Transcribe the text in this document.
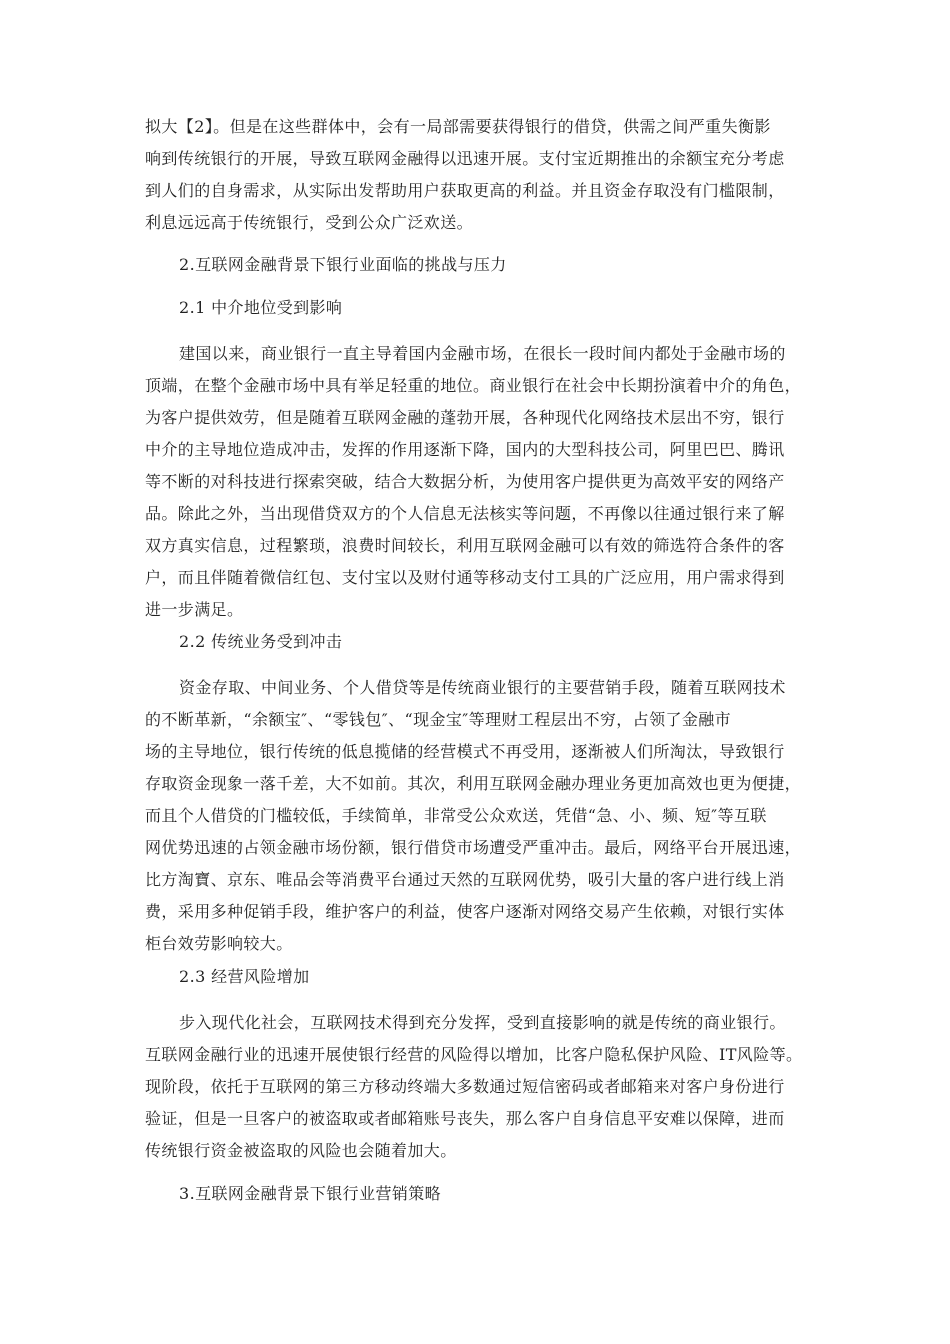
拟大【2】。但是在这些群体中，会有一局部需要获得银行的借贷，供需之间严重失衡影
响到传统银行的开展，导致互联网金融得以迅速开展。支付宝近期推出的余额宝充分考虑
到人们的自身需求，从实际出发帮助用户获取更高的利益。并且资金存取没有门槛限制，
利息远远高于传统银行，受到公众广泛欢送。
2.互联网金融背景下银行业面临的挑战与压力
2.1 中介地位受到影响
建国以来，商业银行一直主导着国内金融市场，在很长一段时间内都处于金融市场的
顶端，在整个金融市场中具有举足轻重的地位。商业银行在社会中长期扮演着中介的角色，
为客户提供效劳，但是随着互联网金融的蓬勃开展，各种现代化网络技术层出不穷，银行
中介的主导地位造成冲击，发挥的作用逐渐下降，国内的大型科技公司，阿里巴巴、腾讯
等不断的对科技进行探索突破，结合大数据分析，为使用客户提供更为高效平安的网络产
品。除此之外，当出现借贷双方的个人信息无法核实等问题，不再像以往通过银行来了解
双方真实信息，过程繁琐，浪费时间较长，利用互联网金融可以有效的筛选符合条件的客
户，而且伴随着微信红包、支付宝以及财付通等移动支付工具的广泛应用，用户需求得到
进一步满足。
2.2 传统业务受到冲击
资金存取、中间业务、个人借贷等是传统商业银行的主要营销手段，随着互联网技术
的不断革新，“余额宝″、“零钱包″、“现金宝″等理财工程层出不穷，占领了金融市
场的主导地位，银行传统的低息揽储的经营模式不再受用，逐渐被人们所淘汰，导致银行
存取资金现象一落千差，大不如前。其次，利用互联网金融办理业务更加高效也更为便捷，
而且个人借贷的门槛较低，手续简单，非常受公众欢送，凭借“急、小、频、短″等互联
网优势迅速的占领金融市场份额，银行借贷市场遭受严重冲击。最后，网络平台开展迅速，
比方淘寶、京东、唯品会等消费平台通过天然的互联网优势，吸引大量的客户进行线上消
费，采用多种促销手段，维护客户的利益，使客户逐渐对网络交易产生依赖，对银行实体
柜台效劳影响较大。
2.3 经营风险增加
步入现代化社会，互联网技术得到充分发挥，受到直接影响的就是传统的商业银行。
互联网金融行业的迅速开展使银行经营的风险得以增加，比客户隐私保护风险、IT风险等。
现阶段，依托于互联网的第三方移动终端大多数通过短信密码或者邮箱来对客户身份进行
验证，但是一旦客户的被盗取或者邮箱账号丧失，那么客户自身信息平安难以保障，进而
传统银行资金被盗取的风险也会随着加大。
3.互联网金融背景下银行业营销策略
